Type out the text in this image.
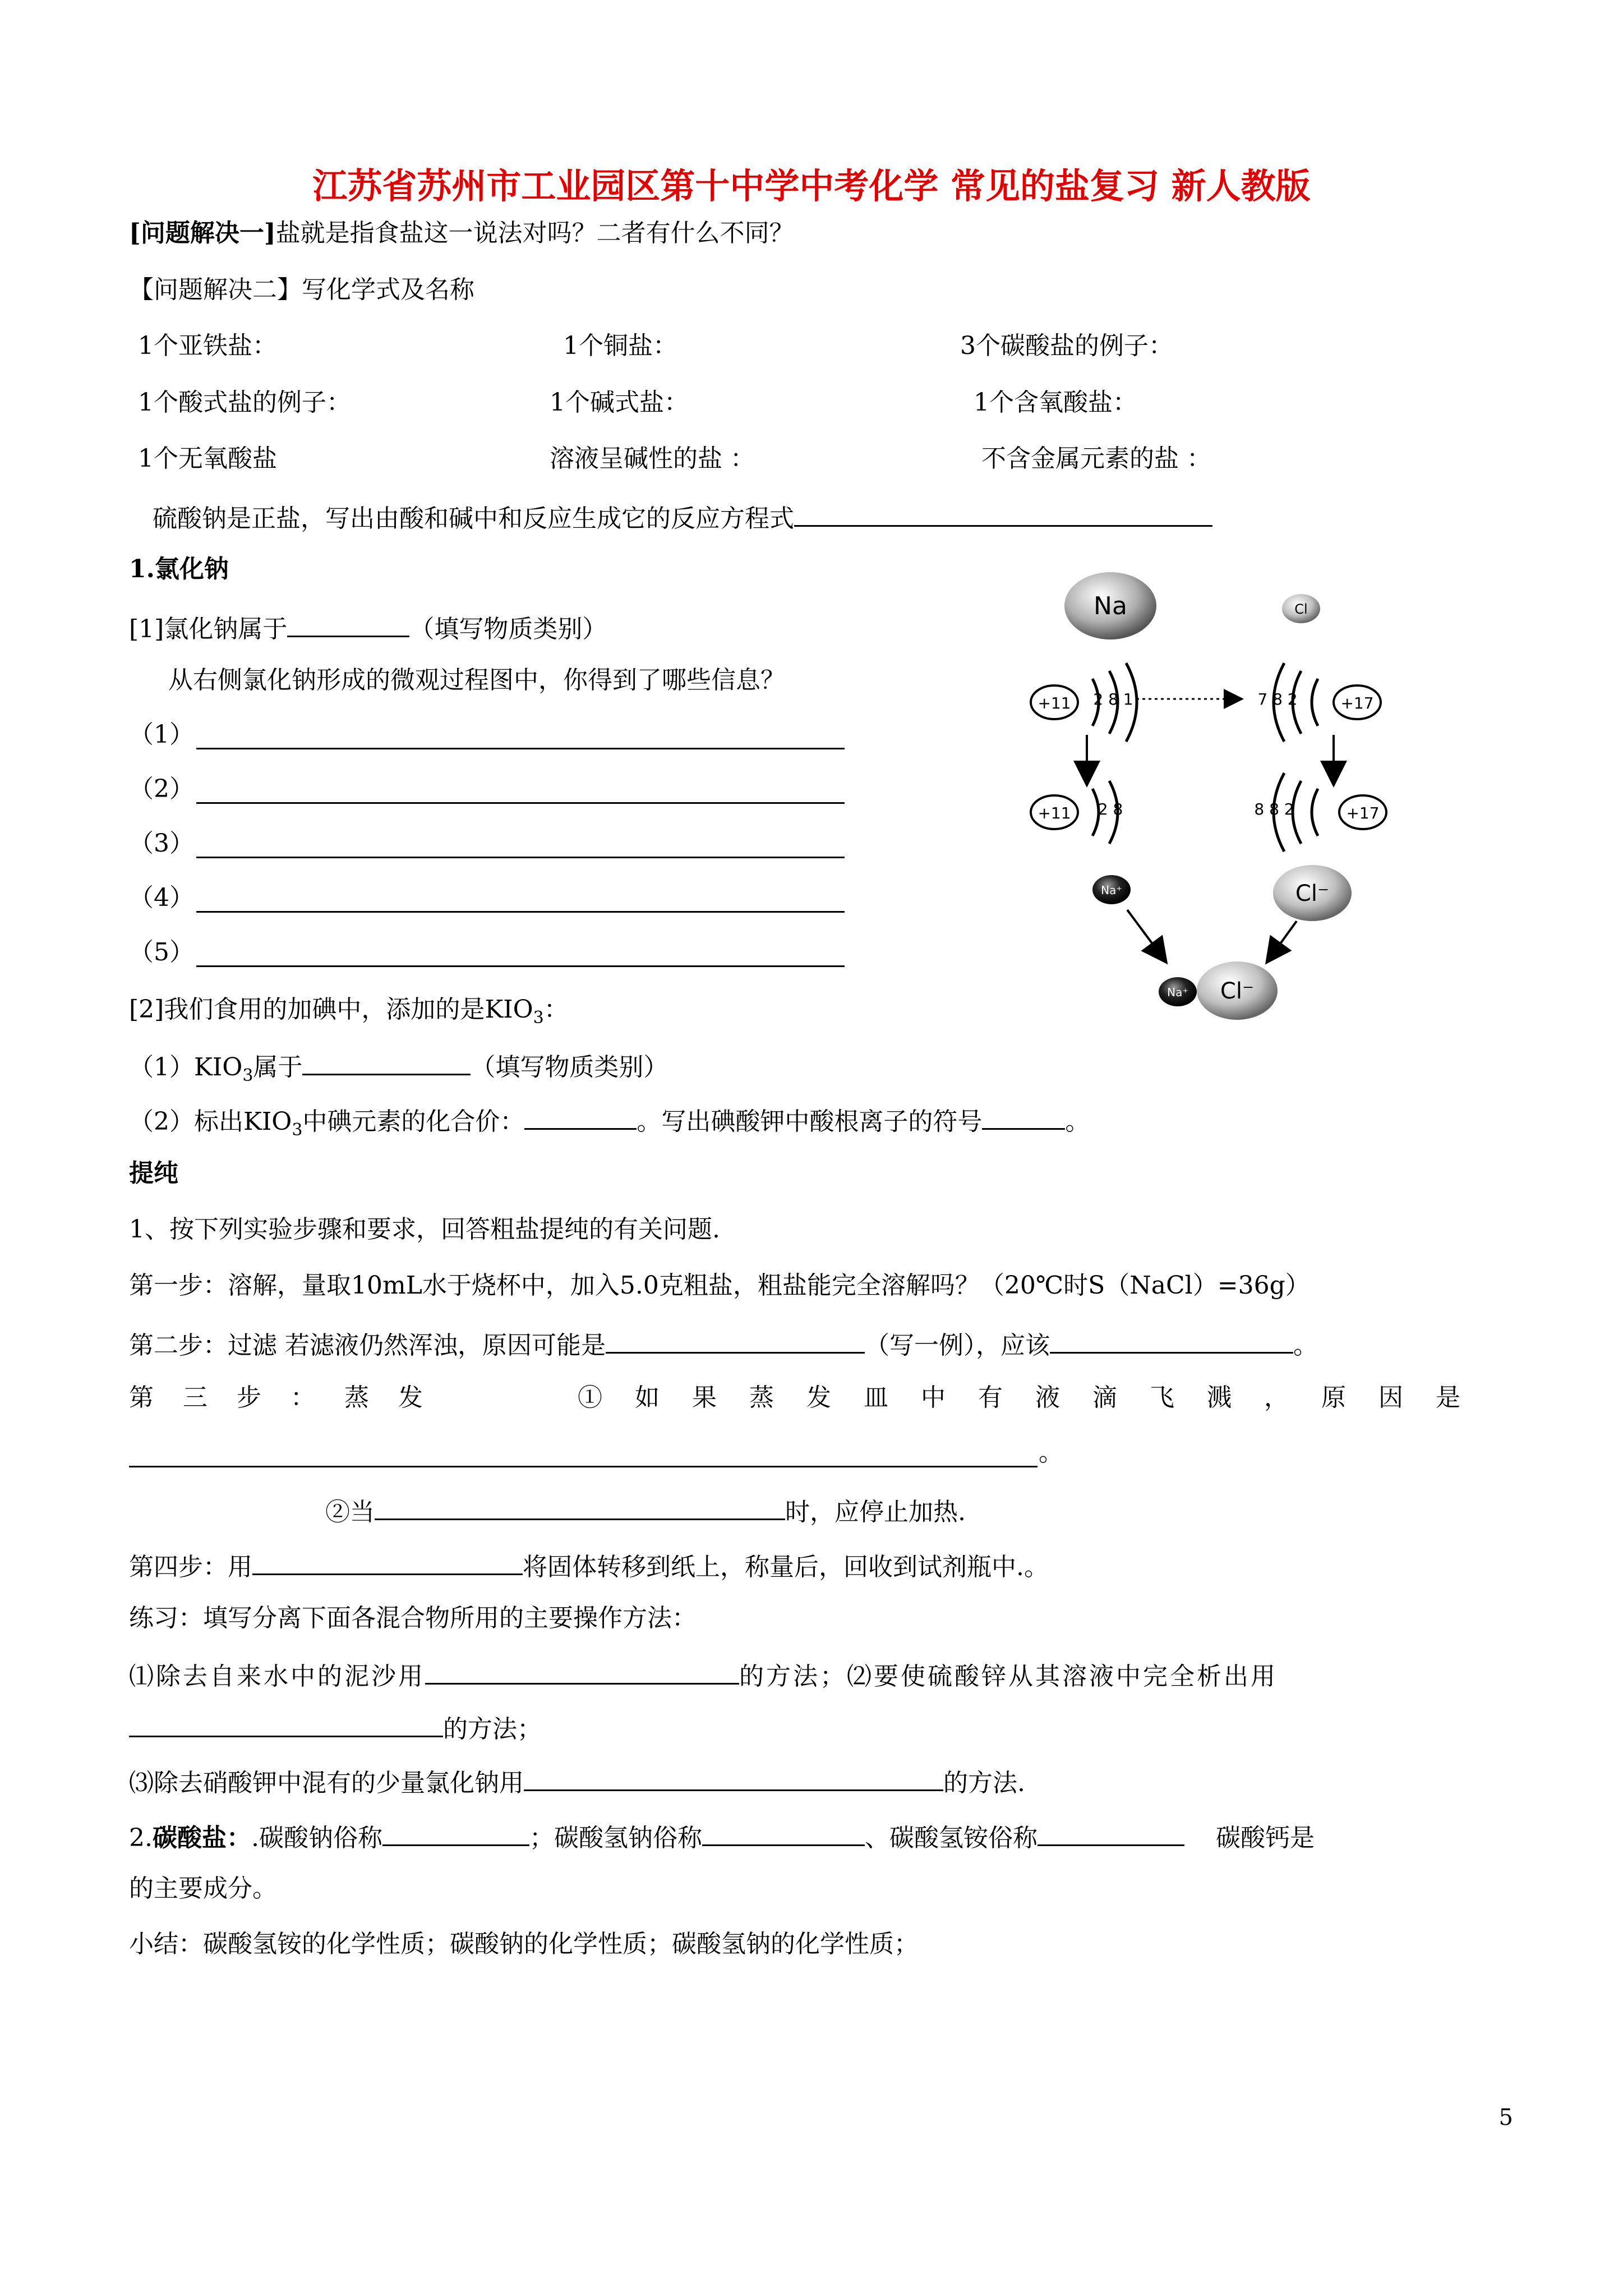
江苏省苏州市工业园区第十中学中考化学 常见的盐复习 新人教版
[问题解决一]盐就是指食盐这一说法对吗？二者有什么不同？
【问题解决二】写化学式及名称
1个亚铁盐：	1个铜盐：	3个碳酸盐的例子：
1个酸式盐的例子：	1个碱式盐：	1个含氧酸盐：
1个无氧酸盐	溶液呈碱性的盐 ：	不含金属元素的盐 ：
硫酸钠是正盐，写出由酸和碱中和反应生成它的反应方程式
1.氯化钠
[1]氯化钠属于	（填写物质类别）
从右侧氯化钠形成的微观过程图中，你得到了哪些信息？
（1）
（2）
（3）
（4）
（5）
Na	Cl
+11 2 8 1	7 8 2	+17
+11 2 8	8 8 2	+17
Na⁺	Cl⁻
Na⁺ Cl⁻
[2]我们食用的加碘中，添加的是$KIO_3$：
$(1)KIO_3$属于	（填写物质类别）
（2）标出$KIO_3$中碘元素的化合价：	。写出碘酸钾中酸根离子的符号	。
提纯
1、按下列实验步骤和要求，回答粗盐提纯的有关问题.
第一步：溶解，量取10mL水于烧杯中，加入5.0克粗盐，粗盐能完全溶解吗？（20℃时S（NaCl）=36g）
第二步：过滤 若滤液仍然浑浊，原因可能是	（写一例），应该	。
第三步：蒸发	①如果蒸发皿中有液滴飞溅，原因是
。
②当	时，应停止加热.
第四步：用	将固体转移到纸上，称量后，回收到试剂瓶中.。
练习：填写分离下面各混合物所用的主要操作方法：
⑴除去自来水中的泥沙用	的方法；⑵要使硫酸锌从其溶液中完全析出用
的方法；
⑶除去硝酸钾中混有的少量氯化钠用	的方法.
2.碳酸盐：.碳酸钠俗称	；碳酸氢钠俗称	、碳酸氢铵俗称	碳酸钙是
的主要成分。
小结：碳酸氢铵的化学性质；碳酸钠的化学性质；碳酸氢钠的化学性质；
5
